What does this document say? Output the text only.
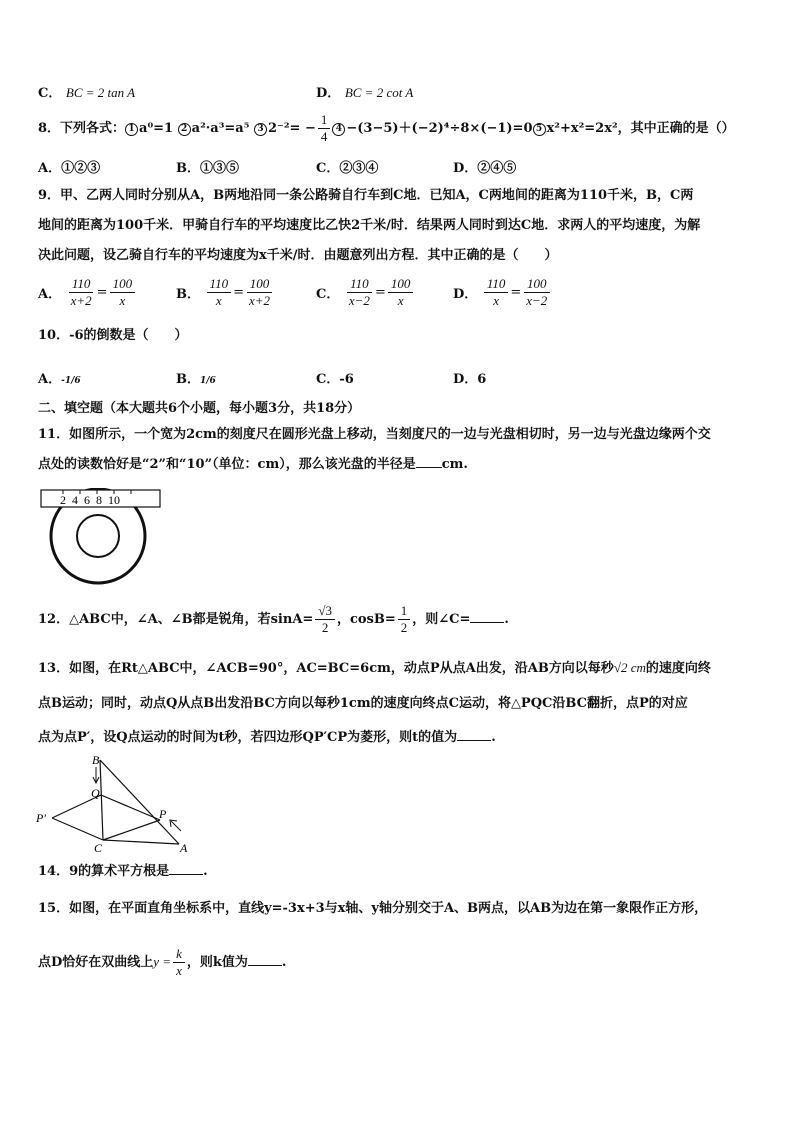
C． BC = 2 tan A	D． BC = 2 cot A
8．下列各式： 1 a⁰=1 2 a²·a³=a⁵ 3 $2^{-2}= - \frac{1}{4} 4 -(3-5)+(-2)^4\div 8\times(-1)=0$ 5 x²+x²=2x²，其中正确的是（）
A．①②③	B．①③⑤	C．②③④	D．②④⑤
9．甲、乙两人同时分别从A，B两地沿同一条公路骑自行车到C地．已知A，C两地间的距离为110千米，B，C两
地间的距离为100千米．甲骑自行车的平均速度比乙快2千米/时．结果两人同时到达C地．求两人的平均速度，为解
决此问题，设乙骑自行车的平均速度为x千米/时．由题意列出方程．其中正确的是（　　）
A． $\frac{110}{x+2} = \frac{100}{x}$	B． $\frac{110}{x} = \frac{100}{x+2}$	C． $\frac{110}{x-2} = \frac{100}{x}$	D． $\frac{110}{x} = \frac{100}{x-2}$
10．-6的倒数是（　　）
A．-1/6	B．1/6	C．-6	D．6
二、填空题（本大题共6个小题，每小题3分，共18分）
11．如图所示，一个宽为2cm的刻度尺在圆形光盘上移动，当刻度尺的一边与光盘相切时，另一边与光盘边缘两个交
点处的读数恰好是“2”和“10”（单位：cm），那么该光盘的半径是 cm.
2  4  6  8  10
12．△ABC中，∠A、∠B都是锐角，若$\sin A= \frac{√3}{2}$ ，$\cos B= \frac{1}{2}$ ，则∠C=	.
13．如图，在Rt△ABC中，∠ACB=90°，AC=BC=6cm，动点P从点A出发，沿AB方向以每秒√2 cm的速度向终
点B运动；同时，动点Q从点B出发沿BC方向以每秒1cm的速度向终点C运动，将△PQC沿BC翻折，点P的对应
点为点P′，设Q点运动的时间为t秒，若四边形QP′CP为菱形，则t的值为	.
B
Q
P′	P
C	A
14．9的算术平方根是	.
15．如图，在平面直角坐标系中，直线y=-3x+3与x轴、y轴分别交于A、B两点，以AB为边在第一象限作正方形，
点D恰好在双曲线上$y = \frac{k}{x}$ ，则k值为	.
